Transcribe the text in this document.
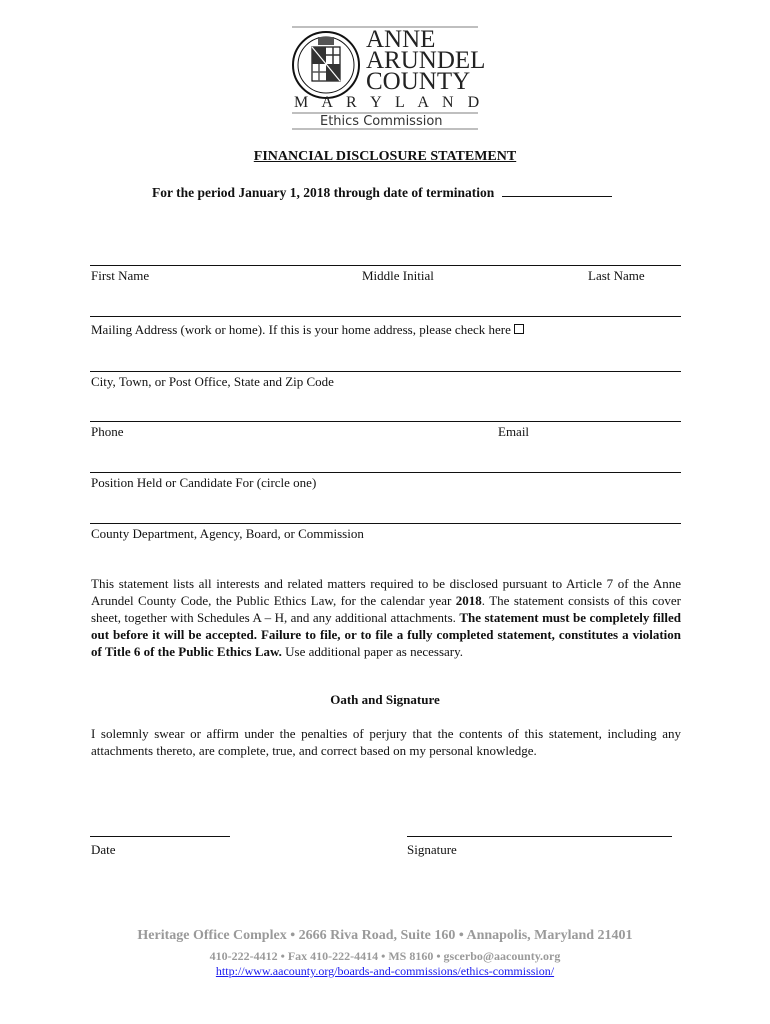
ANNE
ARUNDEL
COUNTY
M A R Y L A N D
Ethics Commission
FINANCIAL DISCLOSURE STATEMENT
For the period January 1, 2018 through date of termination
First Name	Middle Initial	Last Name
Mailing Address (work or home). If this is your home address, please check here
City, Town, or Post Office, State and Zip Code
Phone	Email
Position Held or Candidate For (circle one)
County Department, Agency, Board, or Commission
This statement lists all interests and related matters required to be disclosed pursuant to Article 7 of the Anne Arundel County Code, the Public Ethics Law, for the calendar year 2018. The statement consists of this cover sheet, together with Schedules A – H, and any additional attachments. The statement must be completely filled out before it will be accepted. Failure to file, or to file a fully completed statement, constitutes a violation of Title 6 of the Public Ethics Law. Use additional paper as necessary.
Oath and Signature
I solemnly swear or affirm under the penalties of perjury that the contents of this statement, including any attachments thereto, are complete, true, and correct based on my personal knowledge.
Date	Signature
Heritage Office Complex • 2666 Riva Road, Suite 160 • Annapolis, Maryland 21401
410-222-4412 • Fax 410-222-4414 • MS 8160 • gscerbo@aacounty.org
http://www.aacounty.org/boards-and-commissions/ethics-commission/
